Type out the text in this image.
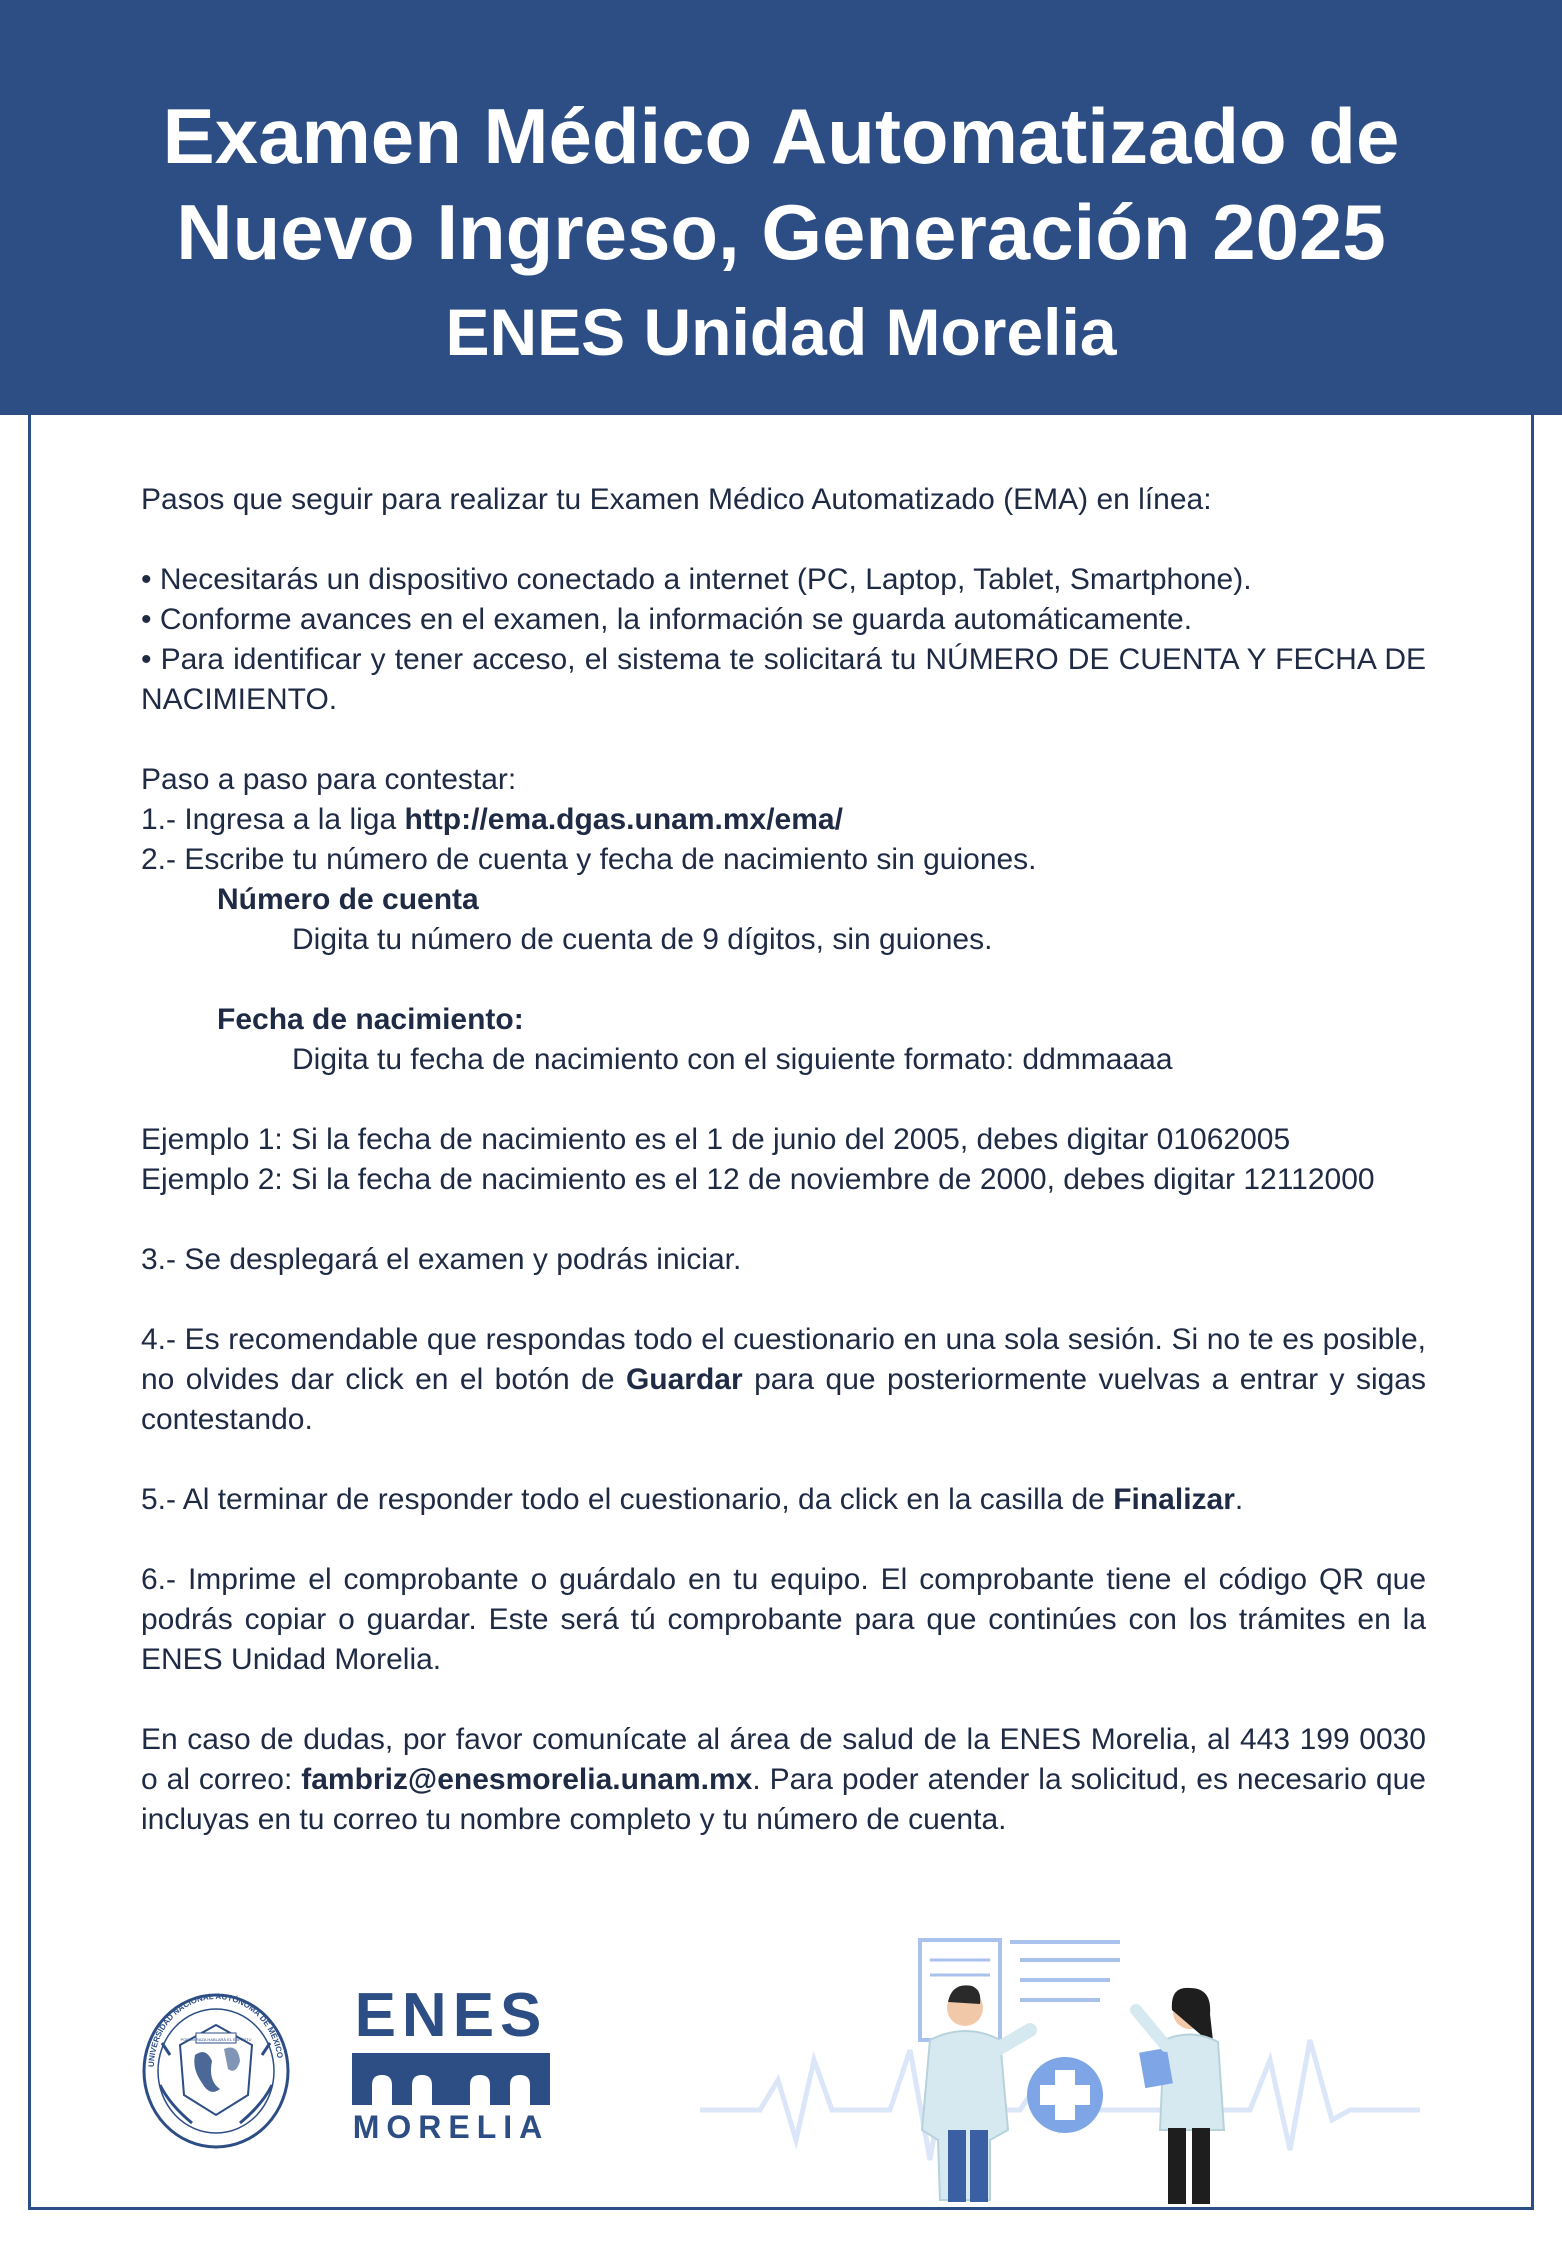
Examen Médico Automatizado de
Nuevo Ingreso, Generación 2025
ENES Unidad Morelia

Pasos que seguir para realizar tu Examen Médico Automatizado (EMA) en línea:

• Necesitarás un dispositivo conectado a internet (PC, Laptop, Tablet, Smartphone).

• Conforme avances en el examen, la información se guarda automáticamente.

• Para identificar y tener acceso, el sistema te solicitará tu NÚMERO DE CUENTA Y FECHA DE NACIMIENTO.

Paso a paso para contestar:

1.- Ingresa a la liga http://ema.dgas.unam.mx/ema/

2.- Escribe tu número de cuenta y fecha de nacimiento sin guiones.

Número de cuenta

Digita tu número de cuenta de 9 dígitos, sin guiones.

Fecha de nacimiento:

Digita tu fecha de nacimiento con el siguiente formato: ddmmaaaa

Ejemplo 1: Si la fecha de nacimiento es el 1 de junio del 2005, debes digitar 01062005

Ejemplo 2: Si la fecha de nacimiento es el 12 de noviembre de 2000, debes digitar 12112000

3.- Se desplegará el examen y podrás iniciar.

4.- Es recomendable que respondas todo el cuestionario en una sola sesión. Si no te es posible, no olvides dar click en el botón de Guardar para que posteriormente vuelvas a entrar y sigas contestando.

5.- Al terminar de responder todo el cuestionario, da click en la casilla de Finalizar.

6.- Imprime el comprobante o guárdalo en tu equipo. El comprobante tiene el código QR que podrás copiar o guardar. Este será tú comprobante para que continúes con los trámites en la ENES Unidad Morelia.

En caso de dudas, por favor comunícate al área de salud de la ENES Morelia, al 443 199 0030 o al correo: fambriz@enesmorelia.unam.mx. Para poder atender la solicitud, es necesario que incluyas en tu correo tu nombre completo y tu número de cuenta.

UNIVERSIDAD NACIONAL AUTÓNOMA DE MÉXICO
POR MI RAZA HABLARÁ EL ESPÍRITU ENES
MORELIA
